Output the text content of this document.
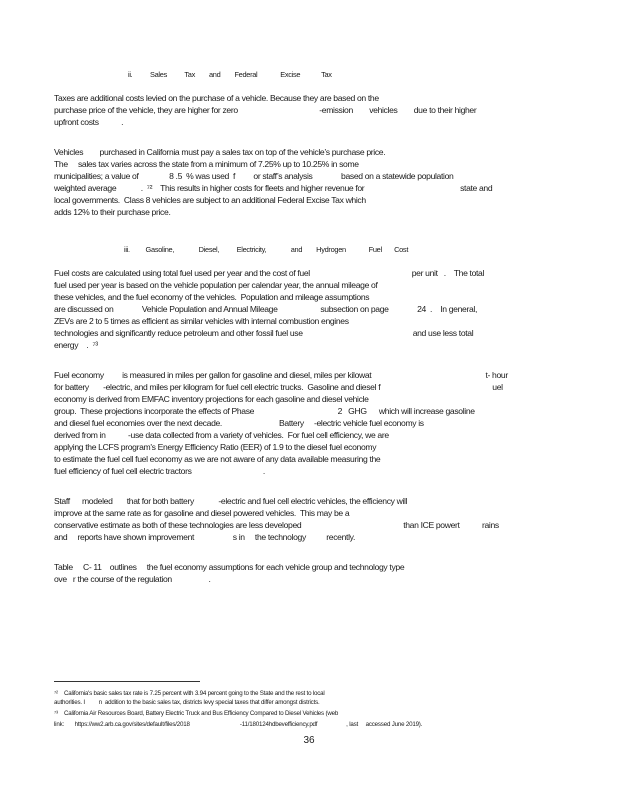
ii.          Sales          Tax        and        Federal             Excise            Tax
Taxes are additional costs levied on the purchase of a vehicle. Because they are based on the
purchase price of the vehicle, they are higher for zero                                        -emission        vehicles        due to their higher
upfront costs           .
Vehicles        purchased in California must pay a sales tax on top of the vehicle’s purchase price.
The     sales tax varies across the state from a minimum of 7.25% up to 10.25% in some
municipalities; a value of               8 .5  % was used  f         or staff’s analysis              based on a statewide population
weighted average            .  ⁷²    This results in higher costs for fleets and higher revenue for                                               state and
local governments.  Class 8 vehicles are subject to an additional Federal Excise Tax which
adds 12% to their purchase price.
iii.         Gasoline,              Diesel,          Electricity,              and        Hydrogen             Fuel       Cost
Fuel costs are calculated using total fuel used per year and the cost of fuel                                                  per unit   .    The total
fuel used per year is based on the vehicle population per calendar year, the annual mileage of
these vehicles, and the fuel economy of the vehicles.  Population and mileage assumptions
are discussed on              Vehicle Population and Annual Mileage                     subsection on page              24  .    In general,
ZEVs are 2 to 5 times as efficient as similar vehicles with internal combustion engines
technologies and significantly reduce petroleum and other fossil fuel use                                                      and use less total
energy    .  ⁷³
Fuel economy         is measured in miles per gallon for gasoline and diesel, miles per kilowat                                                        t- hour
for battery       -electric, and miles per kilogram for fuel cell electric trucks.  Gasoline and diesel f                                                       uel
economy is derived from EMFAC inventory projections for each gasoline and diesel vehicle
group.  These projections incorporate the effects of Phase                                         2   GHG      which will increase gasoline
and diesel fuel economies over the next decade.                            Battery     -electric vehicle fuel economy is
derived from in           -use data collected from a variety of vehicles.  For fuel cell efficiency, we are
applying the LCFS program's Energy Efficiency Ratio (EER) of 1.9 to the diesel fuel economy
to estimate the fuel cell fuel economy as we are not aware of any data available measuring the
fuel efficiency of fuel cell electric tractors                                   .
Staff      modeled       that for both battery            -electric and fuel cell electric vehicles, the efficiency will
improve at the same rate as for gasoline and diesel powered vehicles.  This may be a
conservative estimate as both of these technologies are less developed                                                  than ICE powert           rains
and     reports have shown improvement                   s in     the technology          recently.
Table     C- 11    outlines     the fuel economy assumptions for each vehicle group and technology type
ove   r the course of the regulation                  .
⁷²    California's basic sales tax rate is 7.25 percent with 3.94 percent going to the State and the rest to local
authorities. I         n  addition to the basic sales tax, districts levy special taxes that differ amongst districts.
⁷³    California Air Resources Board, Battery Electric Truck and Bus Efficiency Compared to Diesel Vehicles (web
link:       https://ww2.arb.ca.gov/sites/default/files/2018                                 -11/180124hdbevefficiency.pdf                   , last     accessed June 2019).
36
